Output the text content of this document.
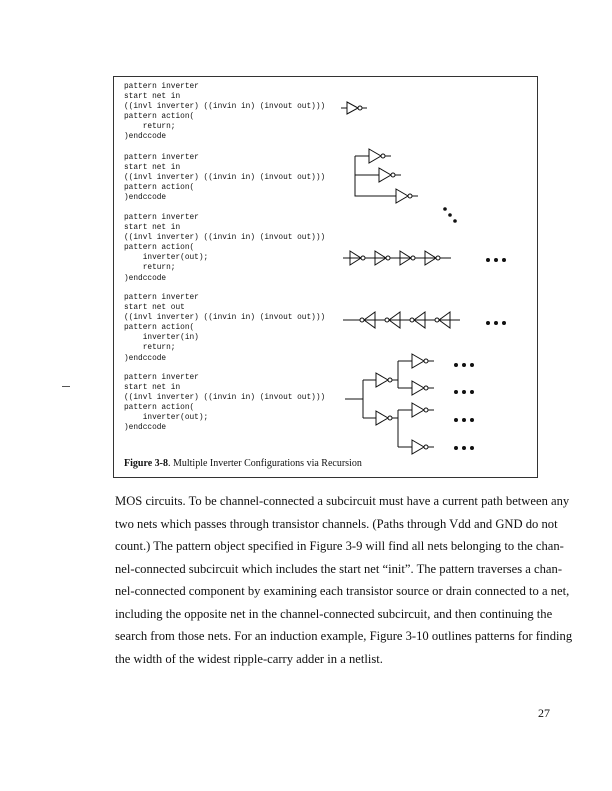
pattern inverter
start net in
((invl inverter) ((invin in) (invout out)))
pattern action(
return;
)endccode
pattern inverter
start net in
((invl inverter) ((invin in) (invout out)))
pattern action(
)endccode
pattern inverter
start net in
((invl inverter) ((invin in) (invout out)))
pattern action(
inverter(out);
return;
)endccode
pattern inverter
start net out
((invl inverter) ((invin in) (invout out)))
pattern action(
inverter(in)
return;
)endccode
pattern inverter
start net in
((invl inverter) ((invin in) (invout out)))
pattern action(
inverter(out);
)endccode
Figure 3-8. Multiple Inverter Configurations via Recursion
MOS circuits. To be channel-connected a subcircuit must have a current path between any
two nets which passes through transistor channels. (Paths through Vdd and GND do not
count.) The pattern object specified in Figure 3-9 will find all nets belonging to the chan-
nel-connected subcircuit which includes the start net “init”. The pattern traverses a chan-
nel-connected component by examining each transistor source or drain connected to a net,
including the opposite net in the channel-connected subcircuit, and then continuing the
search from those nets. For an induction example, Figure 3-10 outlines patterns for finding
the width of the widest ripple-carry adder in a netlist.
27
